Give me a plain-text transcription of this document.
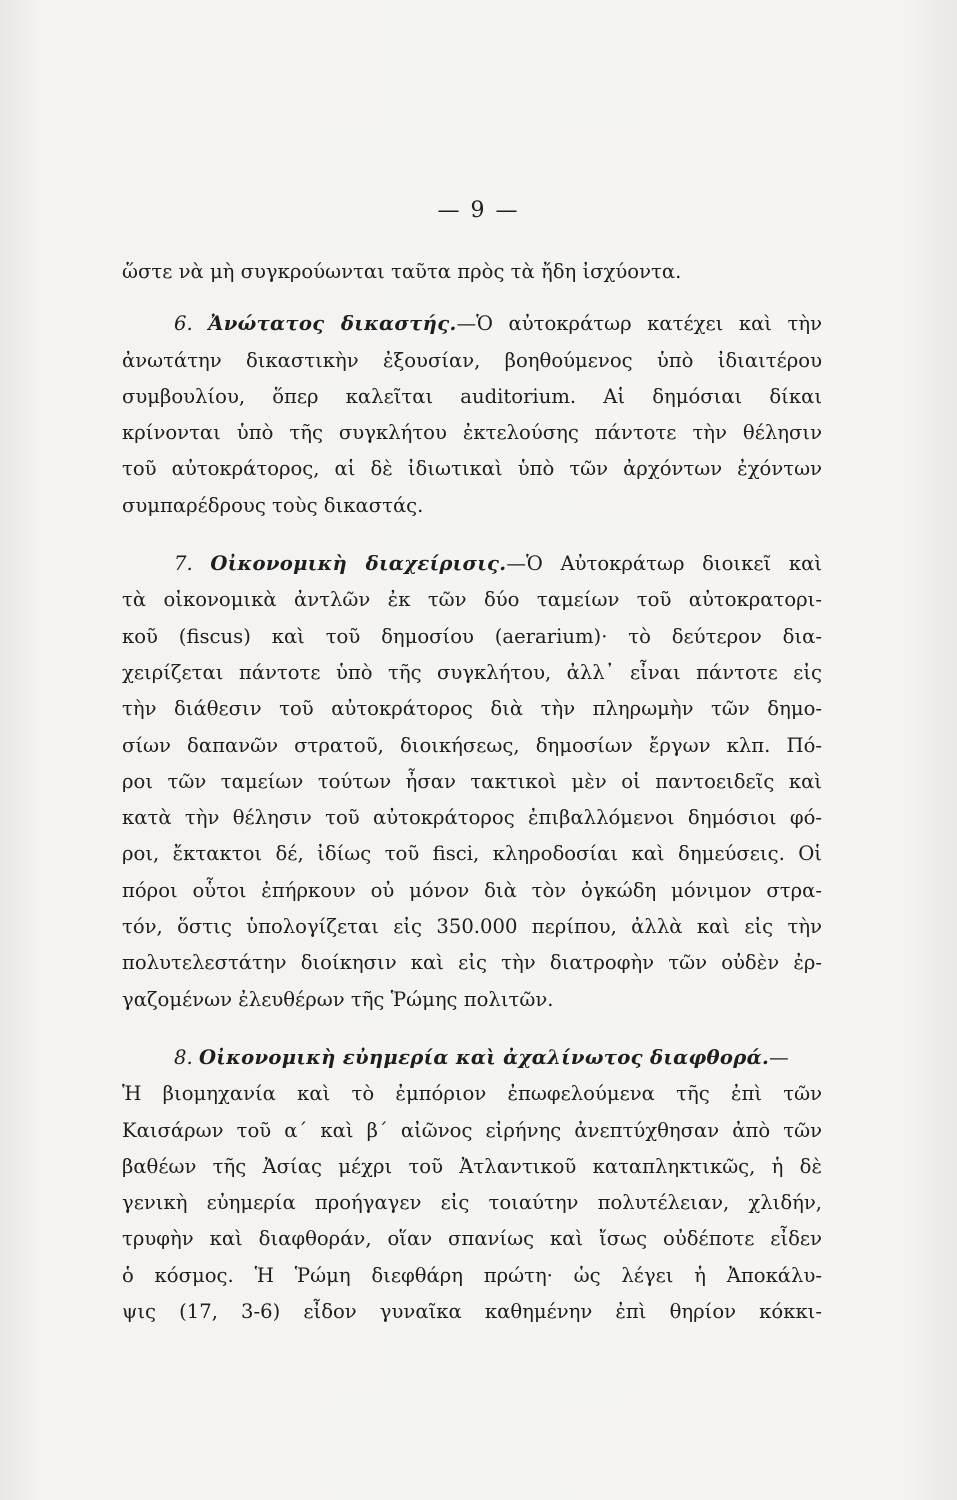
— 9 —
ὥστε νὰ μὴ συγκρούωνται ταῦτα πρὸς τὰ ἤδη ἰσχύοντα.
6. Ἀνώτατος δικαστής.—Ὁ αὐτοκράτωρ κατέχει καὶ τὴν
ἀνωτάτην δικαστικὴν ἐξουσίαν, βοηθούμενος ὑπὸ ἰδιαιτέρου
συμβουλίου, ὅπερ καλεῖται auditorium. Αἱ δημόσιαι δίκαι
κρίνονται ὑπὸ τῆς συγκλήτου ἐκτελούσης πάντοτε τὴν θέλησιν
τοῦ αὐτοκράτορος, αἱ δὲ ἰδιωτικαὶ ὑπὸ τῶν ἀρχόντων ἐχόντων
συμπαρέδρους τοὺς δικαστάς.
7. Οἰκονομικὴ διαχείρισις.—Ὁ Αὐτοκράτωρ διοικεῖ καὶ
τὰ οἰκονομικὰ ἀντλῶν ἐκ τῶν δύο ταμείων τοῦ αὐτοκρατορι-
κοῦ (fiscus) καὶ τοῦ δημοσίου (aerarium)· τὸ δεύτερον δια-
χειρίζεται πάντοτε ὑπὸ τῆς συγκλήτου, ἀλλ᾽ εἶναι πάντοτε εἰς
τὴν διάθεσιν τοῦ αὐτοκράτορος διὰ τὴν πληρωμὴν τῶν δημο-
σίων δαπανῶν στρατοῦ, διοικήσεως, δημοσίων ἔργων κλπ. Πό-
ροι τῶν ταμείων τούτων ἦσαν τακτικοὶ μὲν οἱ παντοειδεῖς καὶ
κατὰ τὴν θέλησιν τοῦ αὐτοκράτορος ἐπιβαλλόμενοι δημόσιοι φό-
ροι, ἔκτακτοι δέ, ἰδίως τοῦ fisci, κληροδοσίαι καὶ δημεύσεις. Οἱ
πόροι οὗτοι ἐπήρκουν οὐ μόνον διὰ τὸν ὀγκώδη μόνιμον στρα-
τόν, ὅστις ὑπολογίζεται εἰς 350.000 περίπου, ἀλλὰ καὶ εἰς τὴν
πολυτελεστάτην διοίκησιν καὶ εἰς τὴν διατροφὴν τῶν οὐδὲν ἐρ-
γαζομένων ἐλευθέρων τῆς Ῥώμης πολιτῶν.
8. Οἰκονομικὴ εὐημερία καὶ ἀχαλίνωτος διαφθορά.—
Ἡ βιομηχανία καὶ τὸ ἐμπόριον ἐπωφελούμενα τῆς ἐπὶ τῶν
Καισάρων τοῦ α΄ καὶ β΄ αἰῶνος εἰρήνης ἀνεπτύχθησαν ἀπὸ τῶν
βαθέων τῆς Ἀσίας μέχρι τοῦ Ἀτλαντικοῦ καταπληκτικῶς, ἡ δὲ
γενικὴ εὐημερία προήγαγεν εἰς τοιαύτην πολυτέλειαν, χλιδήν,
τρυφὴν καὶ διαφθοράν, οἵαν σπανίως καὶ ἴσως οὐδέποτε εἶδεν
ὁ κόσμος. Ἡ Ῥώμη διεφθάρη πρώτη· ὡς λέγει ἡ Ἀποκάλυ-
ψις (17, 3-6) εἶδον γυναῖκα καθημένην ἐπὶ θηρίον κόκκι-
